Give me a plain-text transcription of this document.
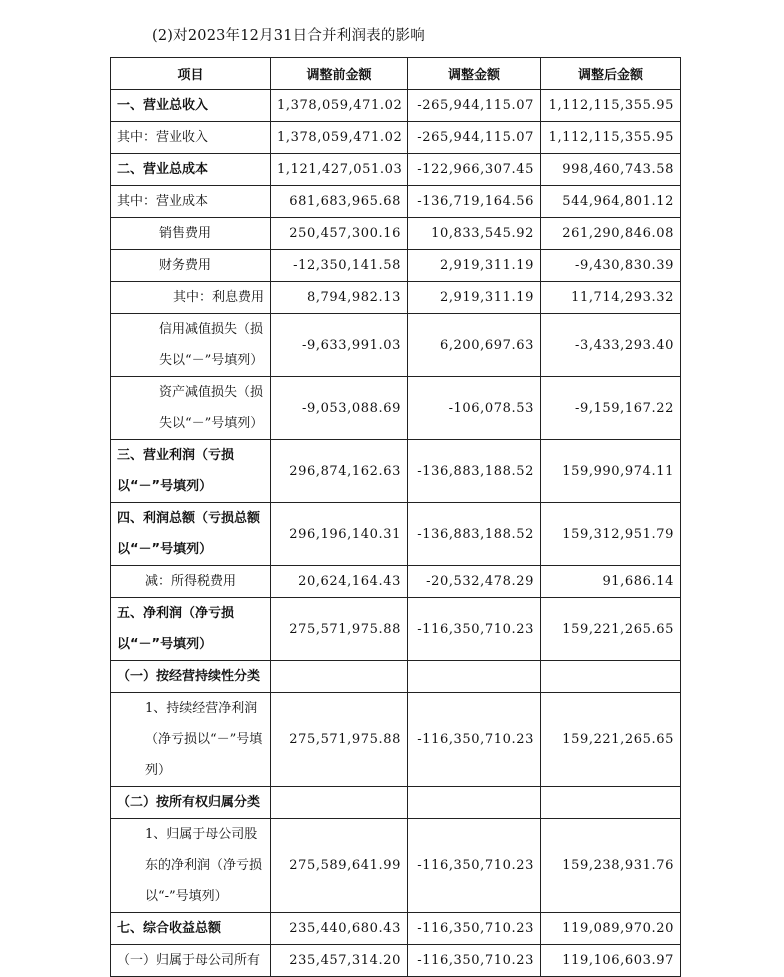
(2)对2023年12月31日合并利润表的影响
项目	调整前金额	调整金额	调整后金额
一、营业总收入	1,378,059,471.02	-265,944,115.07	1,112,115,355.95
其中：营业收入	1,378,059,471.02	-265,944,115.07	1,112,115,355.95
二、营业总成本	1,121,427,051.03	-122,966,307.45	998,460,743.58
其中：营业成本	681,683,965.68	-136,719,164.56	544,964,801.12
销售费用	250,457,300.16	10,833,545.92	261,290,846.08
财务费用	-12,350,141.58	2,919,311.19	-9,430,830.39
其中：利息费用	8,794,982.13	2,919,311.19	11,714,293.32
信用减值损失（损失以“－”号填列）	-9,633,991.03	6,200,697.63	-3,433,293.40
资产减值损失（损失以“－”号填列）	-9,053,088.69	-106,078.53	-9,159,167.22
三、营业利润（亏损以“－”号填列）	296,874,162.63	-136,883,188.52	159,990,974.11
四、利润总额（亏损总额以“－”号填列）	296,196,140.31	-136,883,188.52	159,312,951.79
减：所得税费用	20,624,164.43	-20,532,478.29	91,686.14
五、净利润（净亏损以“－”号填列）	275,571,975.88	-116,350,710.23	159,221,265.65
（一）按经营持续性分类			
1、持续经营净利润（净亏损以“－”号填列）	275,571,975.88	-116,350,710.23	159,221,265.65
（二）按所有权归属分类			
1、归属于母公司股东的净利润（净亏损以“-”号填列）	275,589,641.99	-116,350,710.23	159,238,931.76
七、综合收益总额	235,440,680.43	-116,350,710.23	119,089,970.20
（一）归属于母公司所有	235,457,314.20	-116,350,710.23	119,106,603.97
